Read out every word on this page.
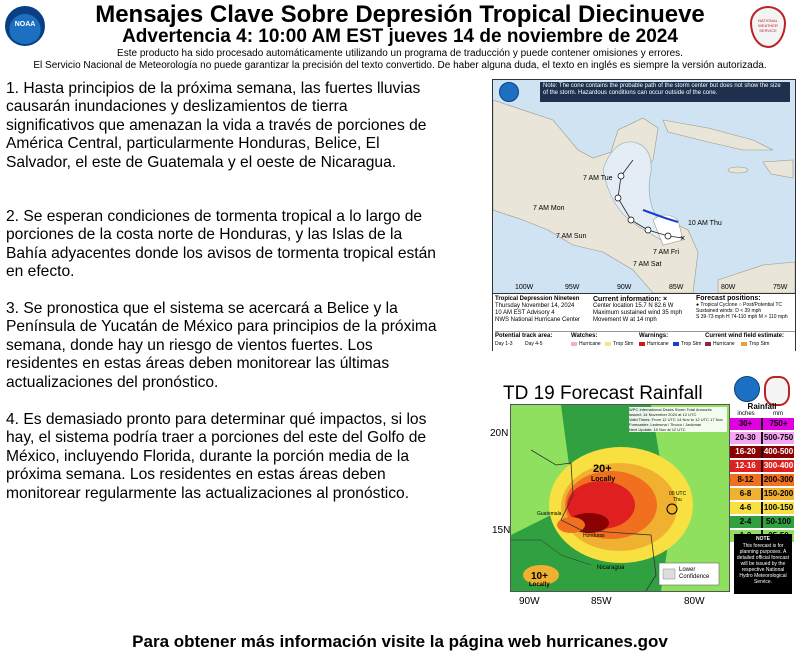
NOAA
NATIONAL WEATHER SERVICE
Mensajes Clave Sobre Depresión Tropical Diecinueve
Advertencia 4: 10:00 AM EST jueves 14 de noviembre de 2024
Este producto ha sido procesado automáticamente utilizando un programa de traducción y puede contener omisiones y errores.
El Servicio Nacional de Meteorología no puede garantizar la precisión del texto convertido. De haber alguna duda, el texto en inglés es siempre la versión autorizada.
1. Hasta principios de la próxima semana, las fuertes lluvias causarán inundaciones y deslizamientos de tierra significativos que amenazan la vida a través de porciones de América Central, particularmente Honduras, Belice, El Salvador, el este de Guatemala y el oeste de Nicaragua.
2. Se esperan condiciones de tormenta tropical a lo largo de porciones de la costa norte de Honduras, y las Islas de la Bahía adyacentes donde los avisos de tormenta tropical están en efecto.
3. Se pronostica que el sistema se acercará a Belice y la Península de Yucatán de México para principios de la próxima semana, donde hay un riesgo de vientos fuertes. Los residentes en estas áreas deben monitorear las últimas actualizaciones del pronóstico.
4. Es demasiado pronto para determinar qué impactos, si los hay, el sistema podría traer a porciones del este del Golfo de México, incluyendo Florida, durante la porción media de la próxima semana. Los residentes en estas áreas deben monitorear regularmente las actualizaciones al pronóstico.
×
7 AM Tue
7 AM Mon
7 AM Sun
7 AM Sat
10 AM Thu
7 AM Fri
100W	95W	90W	85W	80W	75W
Tropical Depression Nineteen
Thursday November 14, 2024
10 AM EST Advisory 4
NWS National Hurricane Center
Current information: ×
Center location 15.7 N 82.6 W
Maximum sustained wind 35 mph
Movement W at 14 mph
Forecast positions:
● Tropical Cyclone ○ Post/Potential TC
Sustained winds: D < 39 mph
S 39-73 mph H 74-110 mph M > 110 mph
Potential track area:
Day 1-3 Day 4-5
Watches:
Hurricane	Trop Stm
Warnings:
Hurricane	Trop Stm
Current wind field estimate:
Hurricane	Trop Stm
Note: The cone contains the probable path of the storm center but does not show the size of the storm. Hazardous conditions can occur outside of the cone.
TD 19 Forecast Rainfall
WPC International Desks Storm Total Amounts
Issued: 14 November 2024 at 12 UTC
Valid Times: From 12 UTC 14 Nov to 12 UTC 17 Nov
Forecaster: Ledesma / Tinoco / Jackman
Next Update: 15 Nov at 12 UTC
20+
Locally
10+
Locally
00 UTC
Thu
Guatemala
Honduras
Nicaragua	Lower Confidence
20N
15N
90W	85W	80W
Rainfall
inches	mm
30+	750+
20-30	500-750
16-20	400-500
12-16	300-400
8-12	200-300
6-8	150-200
4-6	100-150
2-4	50-100
NOTE
This forecast is for planning purposes. A detailed official forecast will be issued by the respective National Hydro Meteorological Service.
Para obtener más información visite la página web hurricanes.gov
